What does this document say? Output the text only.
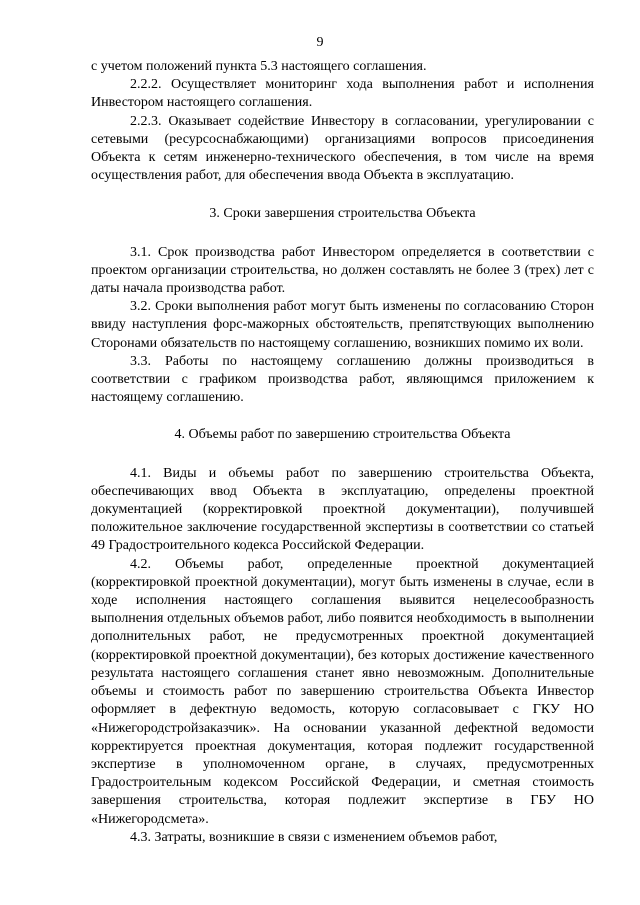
9

с учетом положений пункта 5.3 настоящего соглашения.

2.2.2. Осуществляет мониторинг хода выполнения работ и исполнения Инвестором настоящего соглашения.

2.2.3. Оказывает содействие Инвестору в согласовании, урегулировании с сетевыми (ресурсоснабжающими) организациями вопросов присоединения Объекта к сетям инженерно-технического обеспечения, в том числе на время осуществления работ, для обеспечения ввода Объекта в эксплуатацию.

3. Сроки завершения строительства Объекта

3.1. Срок производства работ Инвестором определяется в соответствии с проектом организации строительства, но должен составлять не более 3 (трех) лет с даты начала производства работ.

3.2. Сроки выполнения работ могут быть изменены по согласованию Сторон ввиду наступления форс-мажорных обстоятельств, препятствующих выполнению Сторонами обязательств по настоящему соглашению, возникших помимо их воли.

3.3. Работы по настоящему соглашению должны производиться в соответствии с графиком производства работ, являющимся приложением к настоящему соглашению.

4. Объемы работ по завершению строительства Объекта

4.1. Виды и объемы работ по завершению строительства Объекта, обеспечивающих ввод Объекта в эксплуатацию, определены проектной документацией (корректировкой проектной документации), получившей положительное заключение государственной экспертизы в соответствии со статьей 49 Градостроительного кодекса Российской Федерации.

4.2. Объемы работ, определенные проектной документацией (корректировкой проектной документации), могут быть изменены в случае, если в ходе исполнения настоящего соглашения выявится нецелесообразность выполнения отдельных объемов работ, либо появится необходимость в выполнении дополнительных работ, не предусмотренных проектной документацией (корректировкой проектной документации), без которых достижение качественного результата настоящего соглашения станет явно невозможным. Дополнительные объемы и стоимость работ по завершению строительства Объекта Инвестор оформляет в дефектную ведомость, которую согласовывает с ГКУ НО «Нижегородстройзаказчик». На основании указанной дефектной ведомости корректируется проектная документация, которая подлежит государственной экспертизе в уполномоченном органе, в случаях, предусмотренных Градостроительным кодексом Российской Федерации, и сметная стоимость завершения строительства, которая подлежит экспертизе в ГБУ НО «Нижегородсмета».

4.3. Затраты, возникшие в связи с изменением объемов работ,
